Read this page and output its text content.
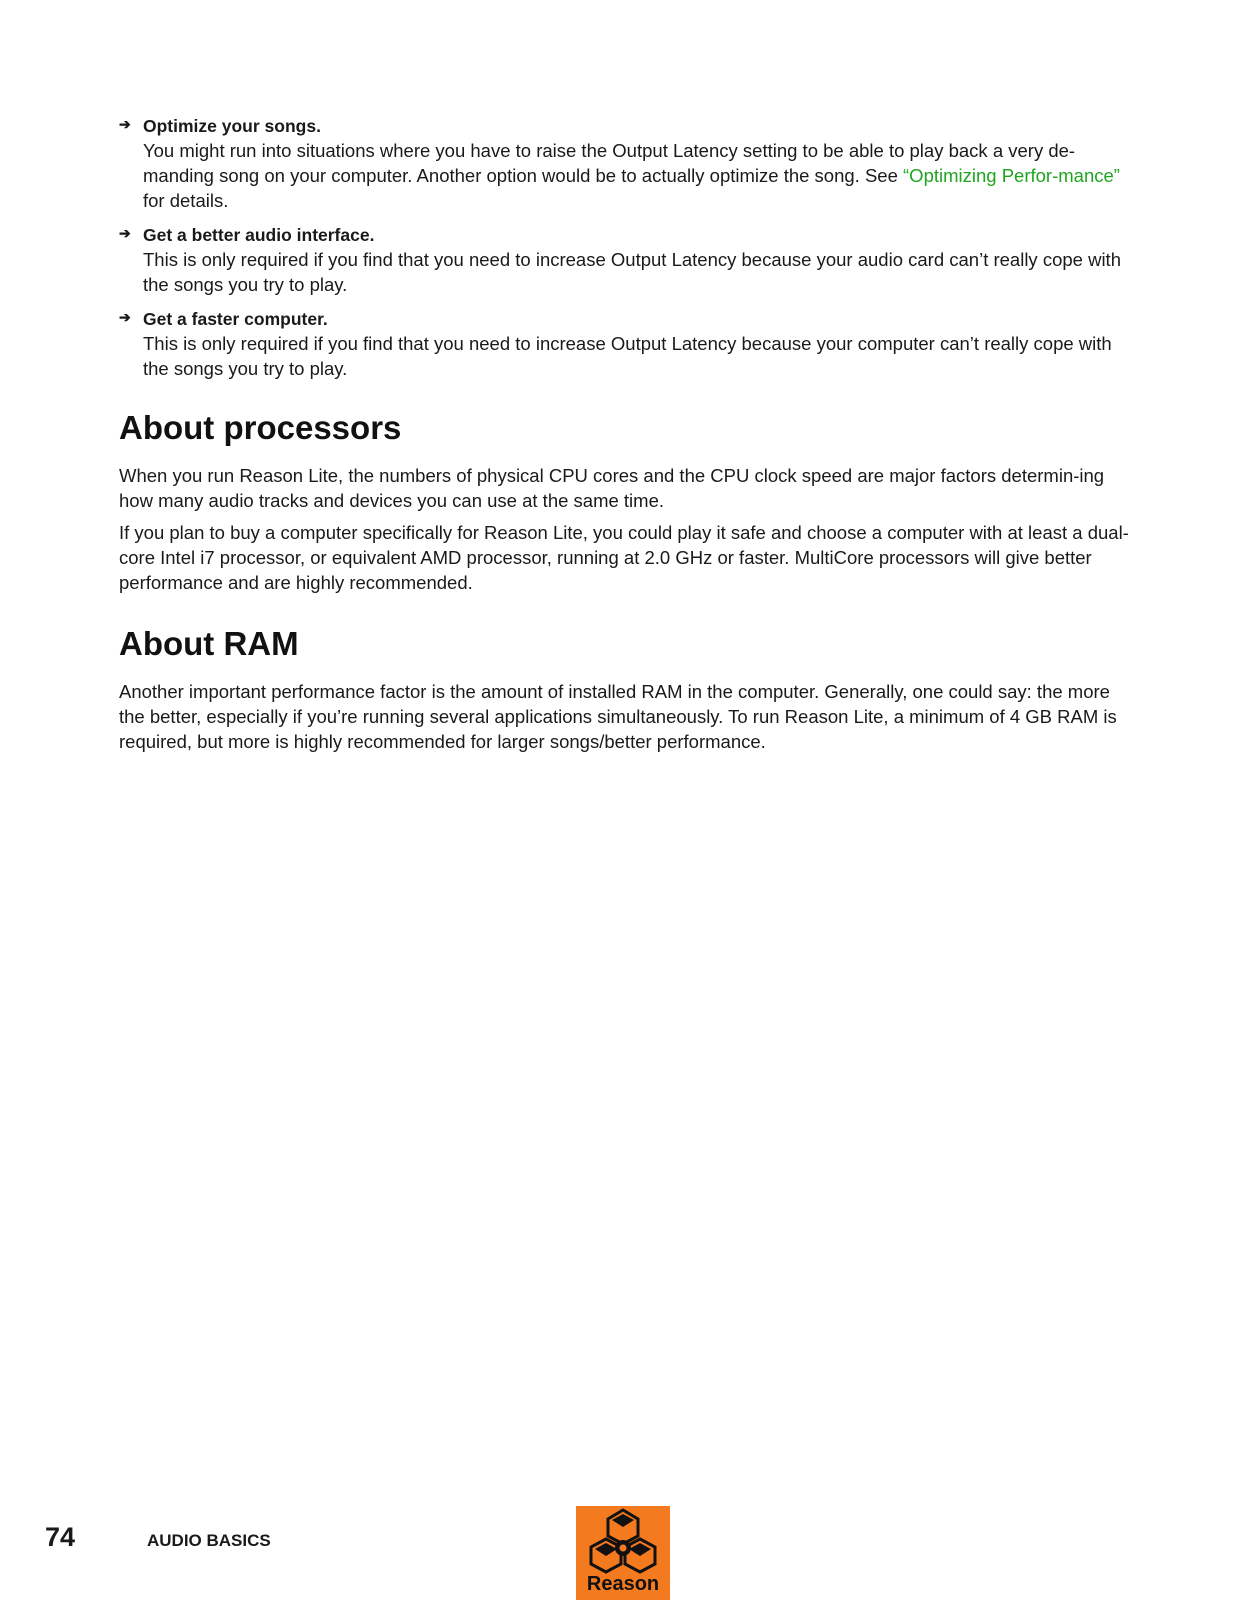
➔ Optimize your songs.
You might run into situations where you have to raise the Output Latency setting to be able to play back a very de-manding song on your computer. Another option would be to actually optimize the song. See “Optimizing Perfor-mance” for details.
➔ Get a better audio interface.
This is only required if you find that you need to increase Output Latency because your audio card can’t really cope with the songs you try to play.
➔ Get a faster computer.
This is only required if you find that you need to increase Output Latency because your computer can’t really cope with the songs you try to play.
About processors

When you run Reason Lite, the numbers of physical CPU cores and the CPU clock speed are major factors determin-ing how many audio tracks and devices you can use at the same time.

If you plan to buy a computer specifically for Reason Lite, you could play it safe and choose a computer with at least a dual-core Intel i7 processor, or equivalent AMD processor, running at 2.0 GHz or faster. MultiCore processors will give better performance and are highly recommended.

About RAM

Another important performance factor is the amount of installed RAM in the computer. Generally, one could say: the more the better, especially if you’re running several applications simultaneously. To run Reason Lite, a minimum of 4 GB RAM is required, but more is highly recommended for larger songs/better performance.

74	AUDIO BASICS
Reason
